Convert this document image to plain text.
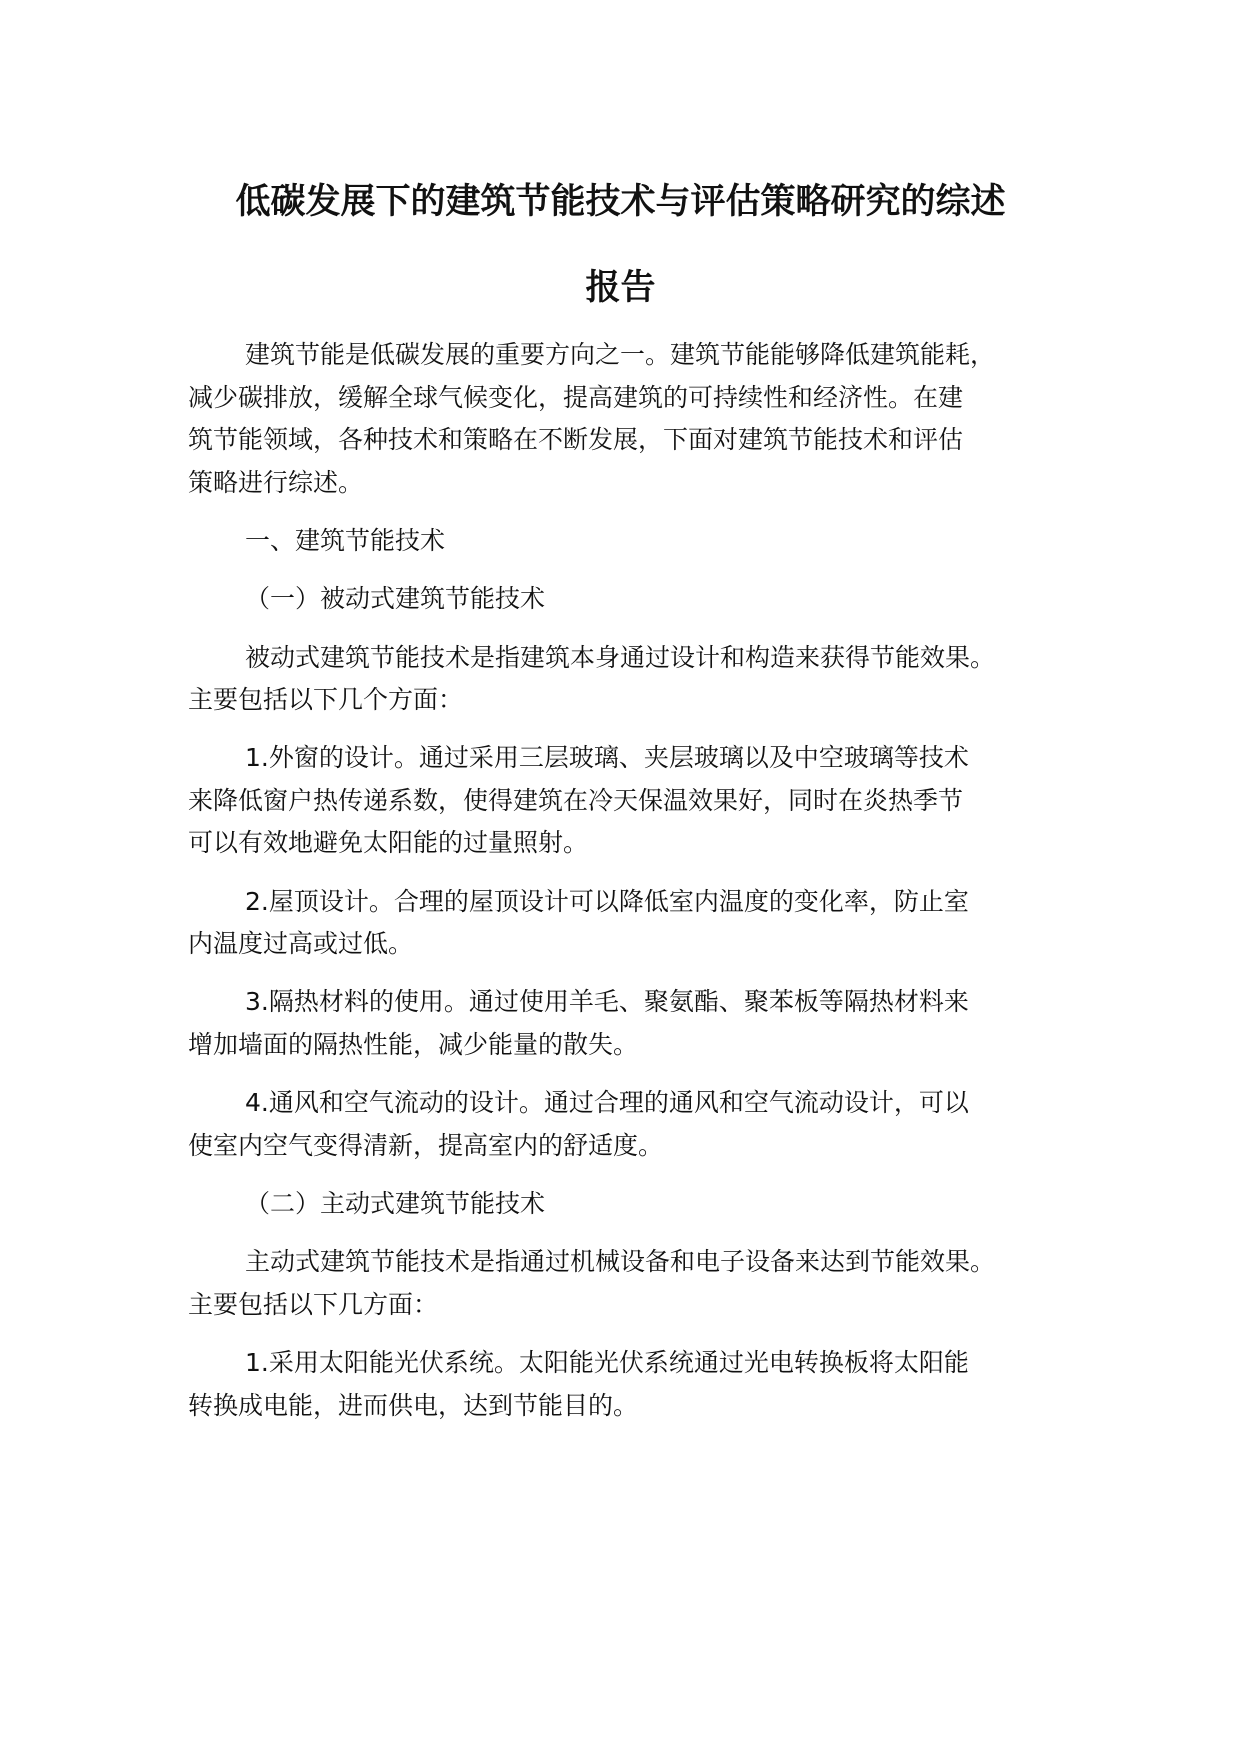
低碳发展下的建筑节能技术与评估策略研究的综述
报告
建筑节能是低碳发展的重要方向之一。建筑节能能够降低建筑能耗，
减少碳排放，缓解全球气候变化，提高建筑的可持续性和经济性。在建
筑节能领域，各种技术和策略在不断发展，下面对建筑节能技术和评估
策略进行综述。
一、建筑节能技术
（一）被动式建筑节能技术
被动式建筑节能技术是指建筑本身通过设计和构造来获得节能效果。
主要包括以下几个方面：
1.外窗的设计。通过采用三层玻璃、夹层玻璃以及中空玻璃等技术
来降低窗户热传递系数，使得建筑在冷天保温效果好，同时在炎热季节
可以有效地避免太阳能的过量照射。
2.屋顶设计。合理的屋顶设计可以降低室内温度的变化率，防止室
内温度过高或过低。
3.隔热材料的使用。通过使用羊毛、聚氨酯、聚苯板等隔热材料来
增加墙面的隔热性能，减少能量的散失。
4.通风和空气流动的设计。通过合理的通风和空气流动设计，可以
使室内空气变得清新，提高室内的舒适度。
（二）主动式建筑节能技术
主动式建筑节能技术是指通过机械设备和电子设备来达到节能效果。
主要包括以下几方面：
1.采用太阳能光伏系统。太阳能光伏系统通过光电转换板将太阳能
转换成电能，进而供电，达到节能目的。
